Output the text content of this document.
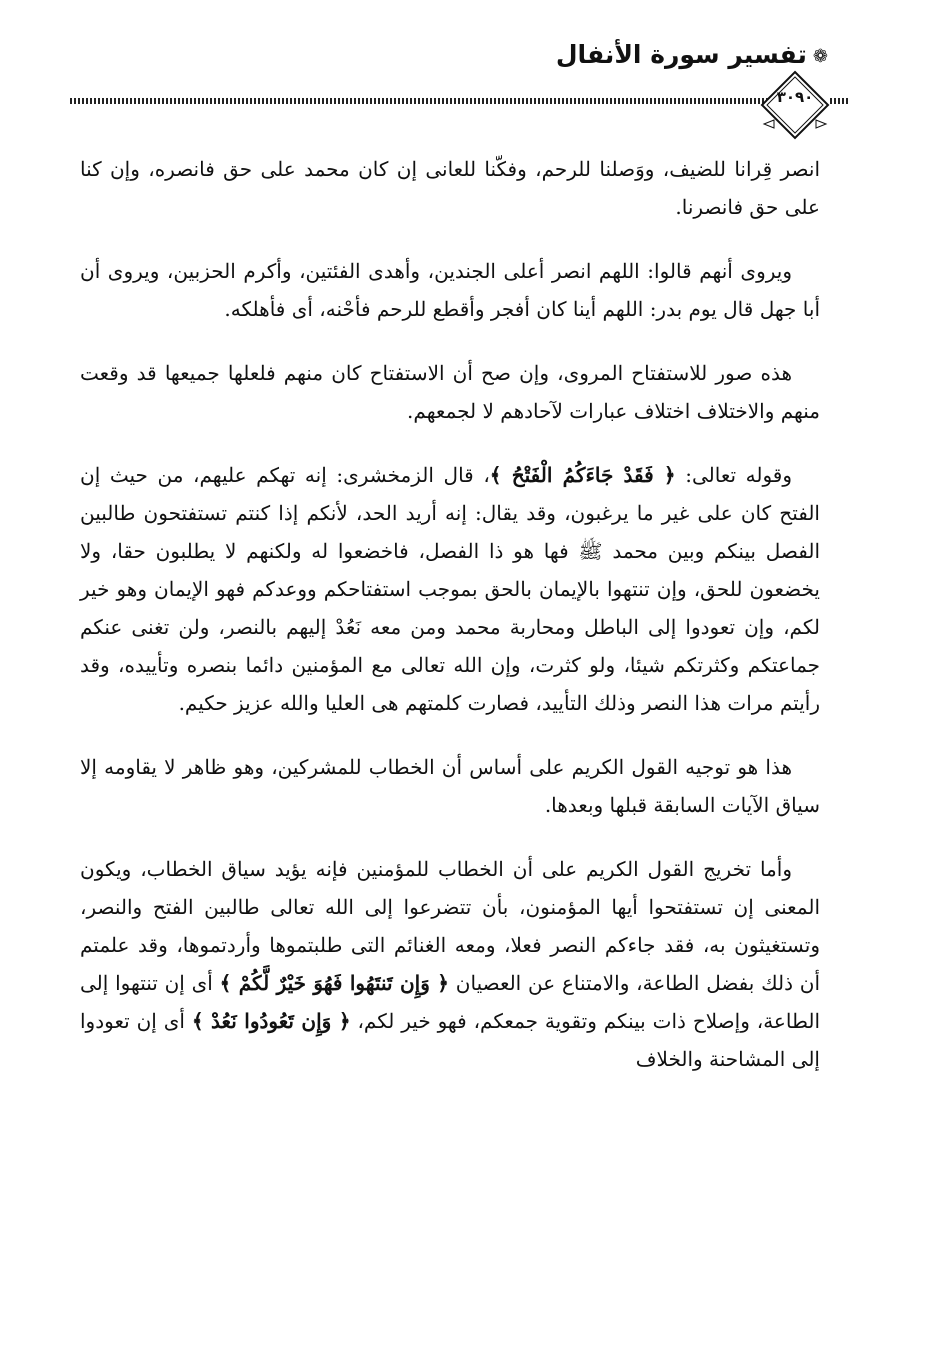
❁تفسير سورة الأنفال
٣٠٩٠

انصر قِرانا للضيف، ووَصلنا للرحم، وفكّنا للعانى إن كان محمد على حق فانصره، وإن كنا على حق فانصرنا.

ويروى أنهم قالوا: اللهم انصر أعلى الجندين، وأهدى الفئتين، وأكرم الحزبين، ويروى أن أبا جهل قال يوم بدر: اللهم أينا كان أفجر وأقطع للرحم فأحْنه، أى فأهلكه.

هذه صور للاستفتاح المروى، وإن صح أن الاستفتاح كان منهم فلعلها جميعها قد وقعت منهم والاختلاف اختلاف عبارات لآحادهم لا لجمعهم.

وقوله تعالى: ﴿ فَقَدْ جَاءَكُمُ الْفَتْحُ ﴾، قال الزمخشرى: إنه تهكم عليهم، من حيث إن الفتح كان على غير ما يرغبون، وقد يقال: إنه أريد الحد، لأنكم إذا كنتم تستفتحون طالبين الفصل بينكم وبين محمد ﷺ فها هو ذا الفصل، فاخضعوا له ولكنهم لا يطلبون حقا، ولا يخضعون للحق، وإن تنتهوا بالإيمان بالحق بموجب استفتاحكم ووعدكم فهو الإيمان وهو خير لكم، وإن تعودوا إلى الباطل ومحاربة محمد ومن معه نَعُدْ إليهم بالنصر، ولن تغنى عنكم جماعتكم وكثرتكم شيئا، ولو كثرت، وإن الله تعالى مع المؤمنين دائما بنصره وتأييده، وقد رأيتم مرات هذا النصر وذلك التأييد، فصارت كلمتهم هى العليا والله عزيز حكيم.

هذا هو توجيه القول الكريم على أساس أن الخطاب للمشركين، وهو ظاهر لا يقاومه إلا سياق الآيات السابقة قبلها وبعدها.

وأما تخريج القول الكريم على أن الخطاب للمؤمنين فإنه يؤيد سياق الخطاب، ويكون المعنى إن تستفتحوا أيها المؤمنون، بأن تتضرعوا إلى الله تعالى طالبين الفتح والنصر، وتستغيثون به، فقد جاءكم النصر فعلا، ومعه الغنائم التى طلبتموها وأردتموها، وقد علمتم أن ذلك بفضل الطاعة، والامتناع عن العصيان ﴿ وَإِن تَنتَهُوا فَهُوَ خَيْرٌ لَّكُمْ ﴾ أى إن تنتهوا إلى الطاعة، وإصلاح ذات بينكم وتقوية جمعكم، فهو خير لكم، ﴿ وَإِن تَعُودُوا نَعُدْ ﴾ أى إن تعودوا إلى المشاحنة والخلاف
